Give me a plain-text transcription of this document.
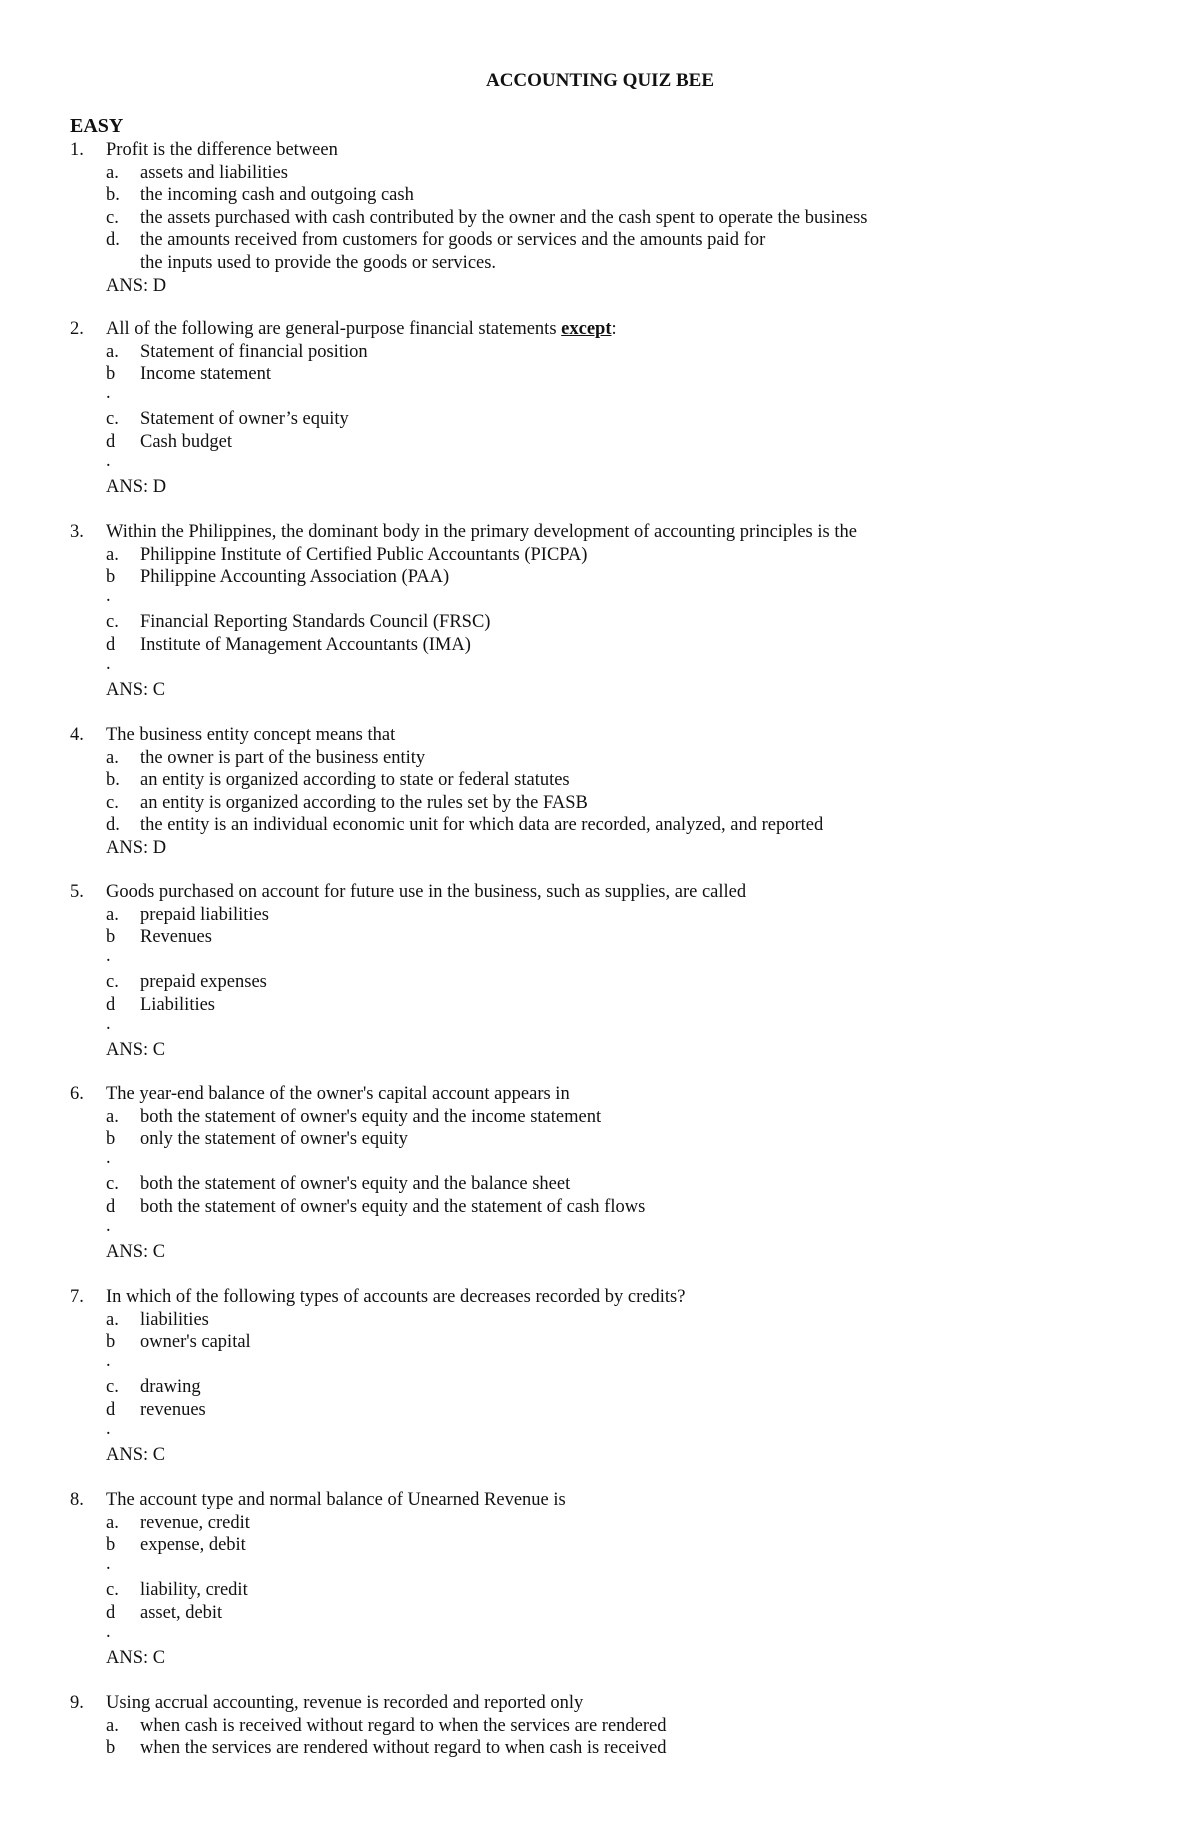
ACCOUNTING QUIZ BEE
EASY
1. Profit is the difference between
a. assets and liabilities
b. the incoming cash and outgoing cash
c. the assets purchased with cash contributed by the owner and the cash spent to operate the business
d. the amounts received from customers for goods or services and the amounts paid for
the inputs used to provide the goods or services.
ANS: D
2. All of the following are general-purpose financial statements except:
a. Statement of financial position
b Income statement
.
c. Statement of owner’s equity
d Cash budget
.
ANS: D
3. Within the Philippines, the dominant body in the primary development of accounting principles is the
a. Philippine Institute of Certified Public Accountants (PICPA)
b Philippine Accounting Association (PAA)
.
c. Financial Reporting Standards Council (FRSC)
d Institute of Management Accountants (IMA)
.
ANS: C
4. The business entity concept means that
a. the owner is part of the business entity
b. an entity is organized according to state or federal statutes
c. an entity is organized according to the rules set by the FASB
d. the entity is an individual economic unit for which data are recorded, analyzed, and reported
ANS: D
5. Goods purchased on account for future use in the business, such as supplies, are called
a. prepaid liabilities
b Revenues
.
c. prepaid expenses
d Liabilities
.
ANS: C
6. The year-end balance of the owner's capital account appears in
a. both the statement of owner's equity and the income statement
b only the statement of owner's equity
.
c. both the statement of owner's equity and the balance sheet
d both the statement of owner's equity and the statement of cash flows
.
ANS: C
7. In which of the following types of accounts are decreases recorded by credits?
a. liabilities
b owner's capital
.
c. drawing
d revenues
.
ANS: C
8. The account type and normal balance of Unearned Revenue is
a. revenue, credit
b expense, debit
.
c. liability, credit
d asset, debit
.
ANS: C
9. Using accrual accounting, revenue is recorded and reported only
a. when cash is received without regard to when the services are rendered
b when the services are rendered without regard to when cash is received
